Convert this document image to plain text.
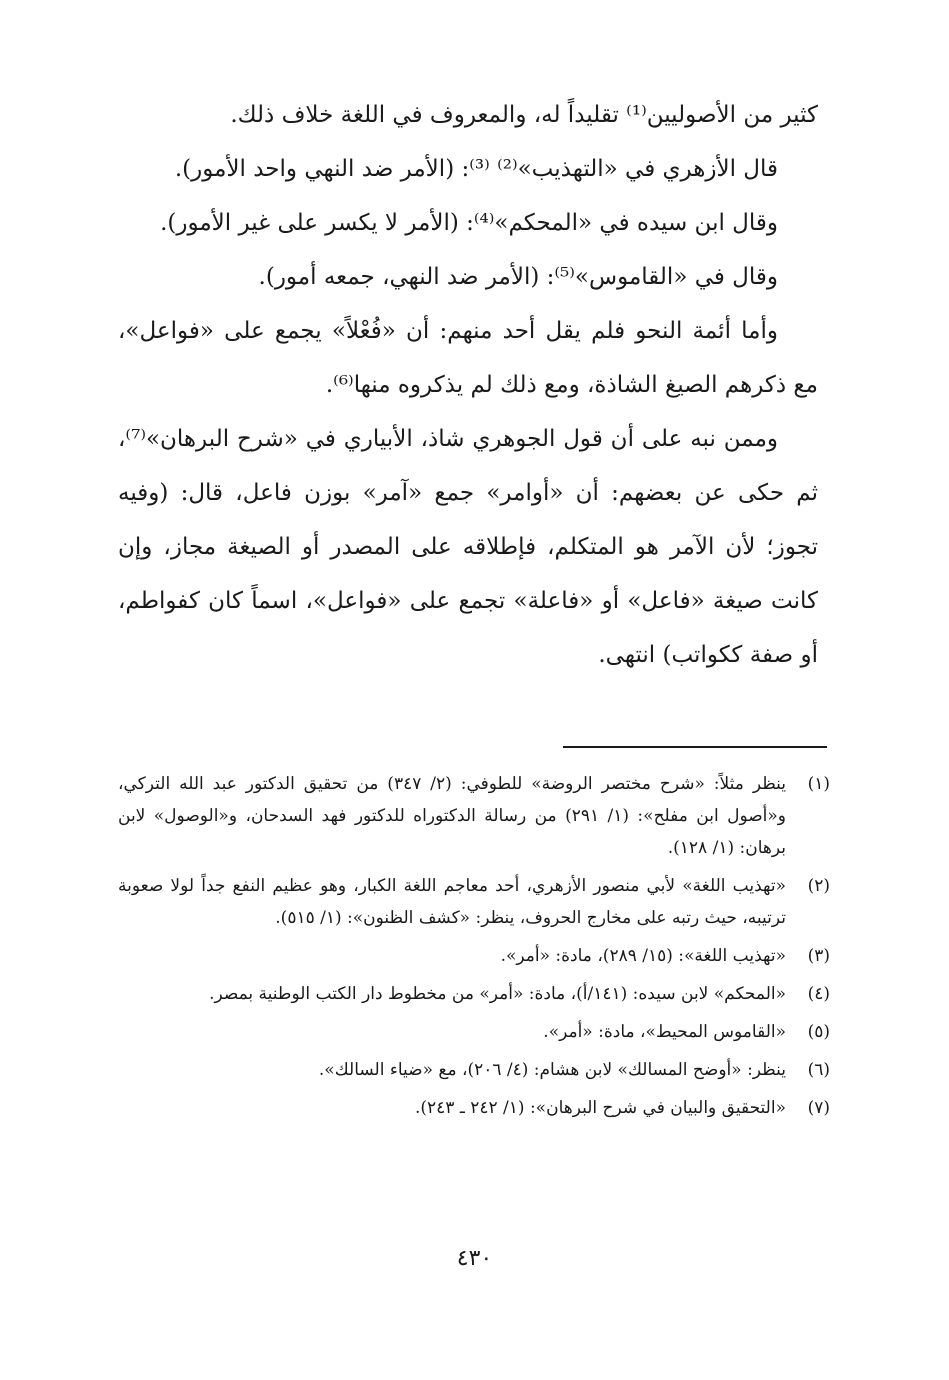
كثير من الأصوليين⁽¹⁾ تقليداً له، والمعروف في اللغة خلاف ذلك.

قال الأزهري في «التهذيب»⁽²⁾ ⁽³⁾: (الأمر ضد النهي واحد الأمور).

وقال ابن سيده في «المحكم»⁽⁴⁾: (الأمر لا يكسر على غير الأمور).

وقال في «القاموس»⁽⁵⁾: (الأمر ضد النهي، جمعه أمور).

وأما أئمة النحو فلم يقل أحد منهم: أن «فُعْلاً» يجمع على «فواعل»، مع ذكرهم الصيغ الشاذة، ومع ذلك لم يذكروه منها⁽⁶⁾.

وممن نبه على أن قول الجوهري شاذ، الأبياري في «شرح البرهان»⁽⁷⁾، ثم حكى عن بعضهم: أن «أوامر» جمع «آمر» بوزن فاعل، قال: (وفيه تجوز؛ لأن الآمر هو المتكلم، فإطلاقه على المصدر أو الصيغة مجاز، وإن كانت صيغة «فاعل» أو «فاعلة» تجمع على «فواعل»، اسماً كان كفواطم، أو صفة ككواتب) انتهى.

(١)
ينظر مثلاً: «شرح مختصر الروضة» للطوفي: (٢/ ٣٤٧) من تحقيق الدكتور عبد الله التركي، و«أصول ابن مفلح»: (١/ ٢٩١) من رسالة الدكتوراه للدكتور فهد السدحان، و«الوصول» لابن برهان: (١/ ١٢٨).
(٢)
«تهذيب اللغة» لأبي منصور الأزهري، أحد معاجم اللغة الكبار، وهو عظيم النفع جداً لولا صعوبة ترتيبه، حيث رتبه على مخارج الحروف، ينظر: «كشف الظنون»: (١/ ٥١٥).
(٣)
«تهذيب اللغة»: (١٥/ ٢٨٩)، مادة: «أمر».
(٤)
«المحكم» لابن سيده: (١٤١/أ)، مادة: «أمر» من مخطوط دار الكتب الوطنية بمصر.
(٥)
«القاموس المحيط»، مادة: «أمر».
(٦)
ينظر: «أوضح المسالك» لابن هشام: (٤/ ٢٠٦)، مع «ضياء السالك».
(٧)
«التحقيق والبيان في شرح البرهان»: (١/ ٢٤٢ ـ ٢٤٣).
٤٣٠
